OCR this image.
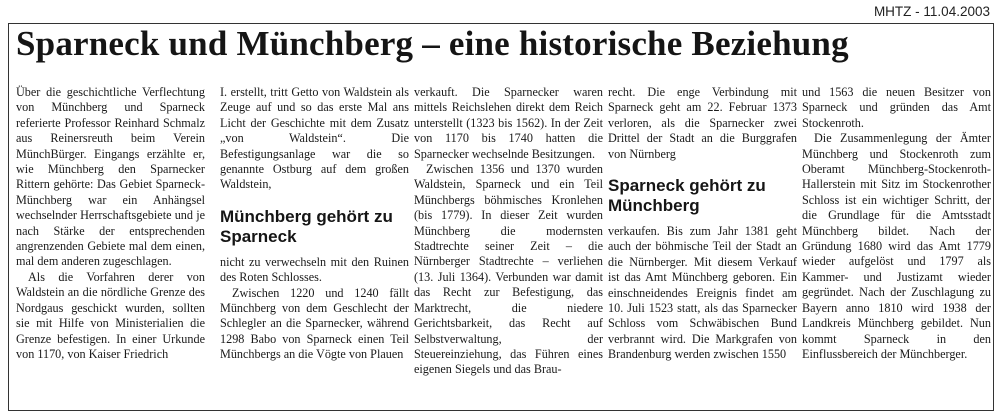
MHTZ - 11.04.2003
Sparneck und Münchberg – eine historische Beziehung

Über die geschichtliche Verflechtung von Münchberg und Sparneck referierte Professor Reinhard Schmalz aus Reinersreuth beim Verein MünchBürger. Eingangs erzählte er, wie Münchberg den Sparnecker Rittern gehörte: Das Gebiet Sparneck-Münchberg war ein Anhängsel wechselnder Herrschaftsgebiete und je nach Stärke der entsprechenden angrenzenden Gebiete mal dem einen, mal dem anderen zugeschlagen.

Als die Vorfahren derer von Waldstein an die nördliche Grenze des Nordgaus geschickt wurden, sollten sie mit Hilfe von Ministerialien die Grenze befestigen. In einer Urkunde von 1170, von Kaiser Friedrich

I. erstellt, tritt Getto von Waldstein als Zeuge auf und so das erste Mal ans Licht der Geschichte mit dem Zusatz „von Waldstein“. Die Befestigungsanlage war die so genannte Ostburg auf dem großen Waldstein,

Münchberg gehört zu Sparneck

nicht zu verwechseln mit den Ruinen des Roten Schlosses.

Zwischen 1220 und 1240 fällt Münchberg von dem Geschlecht der Schlegler an die Sparnecker, während 1298 Babo von Sparneck einen Teil Münchbergs an die Vögte von Plauen

verkauft. Die Sparnecker waren mittels Reichslehen direkt dem Reich unterstellt (1323 bis 1562). In der Zeit von 1170 bis 1740 hatten die Sparnecker wechselnde Besitzungen.

Zwischen 1356 und 1370 wurden Waldstein, Sparneck und ein Teil Münchbergs böhmisches Kronlehen (bis 1779). In dieser Zeit wurden Münchberg die modernsten Stadtrechte seiner Zeit – die Nürnberger Stadtrechte – verliehen (13. Juli 1364). Verbunden war damit das Recht zur Befestigung, das Marktrecht, die niedere Gerichtsbarkeit, das Recht auf Selbstverwaltung, der Steuereinziehung, das Führen eines eigenen Siegels und das Brau-

recht. Die enge Verbindung mit Sparneck geht am 22. Februar 1373 verloren, als die Sparnecker zwei Drittel der Stadt an die Burggrafen von Nürnberg

Sparneck gehört zu Münchberg

verkaufen. Bis zum Jahr 1381 geht auch der böhmische Teil der Stadt an die Nürnberger. Mit diesem Verkauf ist das Amt Münchberg geboren. Ein einschneidendes Ereignis findet am 10. Juli 1523 statt, als das Sparnecker Schloss vom Schwäbischen Bund verbrannt wird. Die Markgrafen von Brandenburg werden zwischen 1550

und 1563 die neuen Besitzer von Sparneck und gründen das Amt Stockenroth.

Die Zusammenlegung der Ämter Münchberg und Stockenroth zum Oberamt Münchberg-Stockenroth-Hallerstein mit Sitz im Stockenrother Schloss ist ein wichtiger Schritt, der die Grundlage für die Amtsstadt Münchberg bildet. Nach der Gründung 1680 wird das Amt 1779 wieder aufgelöst und 1797 als Kammer- und Justizamt wieder gegründet. Nach der Zuschlagung zu Bayern anno 1810 wird 1938 der Landkreis Münchberg gebildet. Nun kommt Sparneck in den Einflussbereich der Münchberger.
